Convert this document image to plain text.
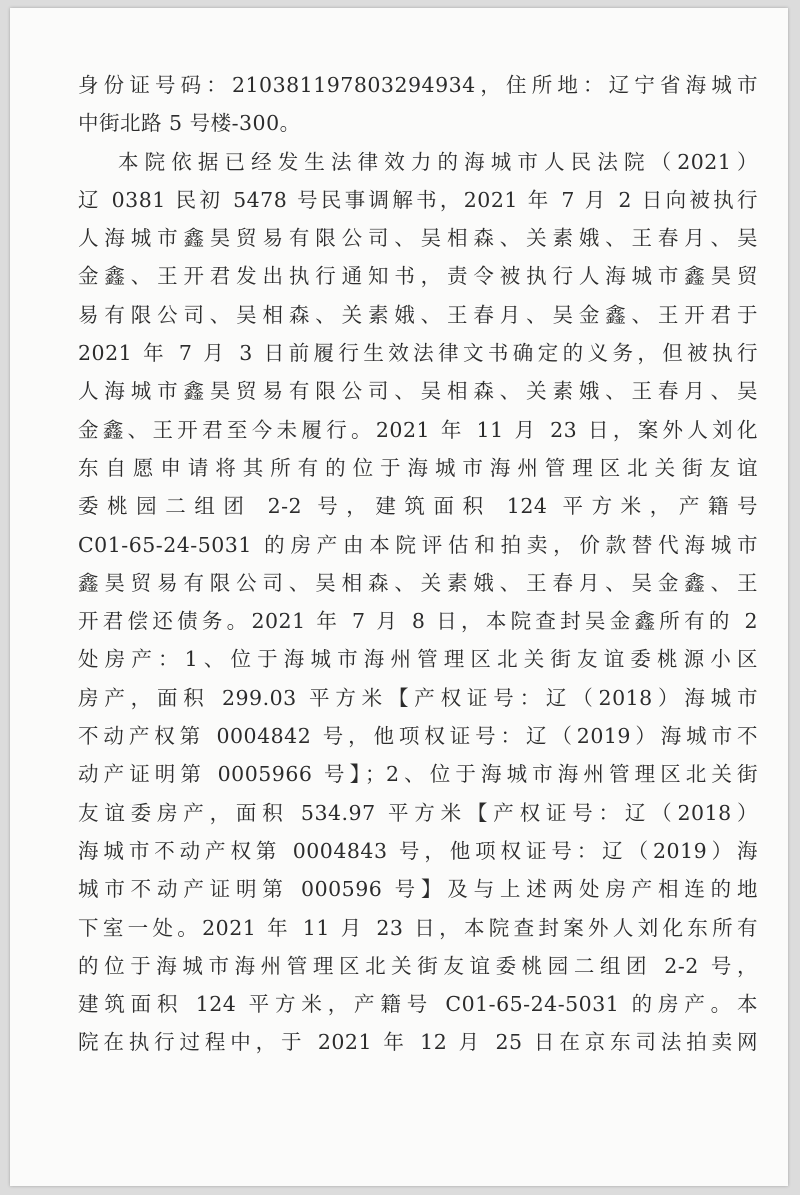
身份证号码：210381197803294934，住所地：辽宁省海城市
中街北路 5 号楼-300。
本院依据已经发生法律效力的海城市人民法院（2021）
辽 0381 民初 5478 号民事调解书，2021 年 7 月 2 日向被执行
人海城市鑫昊贸易有限公司、吴相森、关素娥、王春月、吴
金鑫、王开君发出执行通知书，责令被执行人海城市鑫昊贸
易有限公司、吴相森、关素娥、王春月、吴金鑫、王开君于
2021 年 7 月 3 日前履行生效法律文书确定的义务，但被执行
人海城市鑫昊贸易有限公司、吴相森、关素娥、王春月、吴
金鑫、王开君至今未履行。2021 年 11 月 23 日，案外人刘化
东自愿申请将其所有的位于海城市海州管理区北关街友谊
委桃园二组团 2-2 号，建筑面积 124 平方米，产籍号
C01-65-24-5031 的房产由本院评估和拍卖，价款替代海城市
鑫昊贸易有限公司、吴相森、关素娥、王春月、吴金鑫、王
开君偿还债务。2021 年 7 月 8 日，本院查封吴金鑫所有的 2
处房产：1、位于海城市海州管理区北关街友谊委桃源小区
房产，面积 299.03 平方米【产权证号：辽（2018）海城市
不动产权第 0004842 号，他项权证号：辽（2019）海城市不
动产证明第 0005966 号】；2、位于海城市海州管理区北关街
友谊委房产，面积 534.97 平方米【产权证号：辽（2018）
海城市不动产权第 0004843 号，他项权证号：辽（2019）海
城市不动产证明第 000596 号】及与上述两处房产相连的地
下室一处。2021 年 11 月 23 日，本院查封案外人刘化东所有
的位于海城市海州管理区北关街友谊委桃园二组团 2-2 号，
建筑面积 124 平方米，产籍号 C01-65-24-5031 的房产。本
院在执行过程中，于 2021 年 12 月 25 日在京东司法拍卖网
